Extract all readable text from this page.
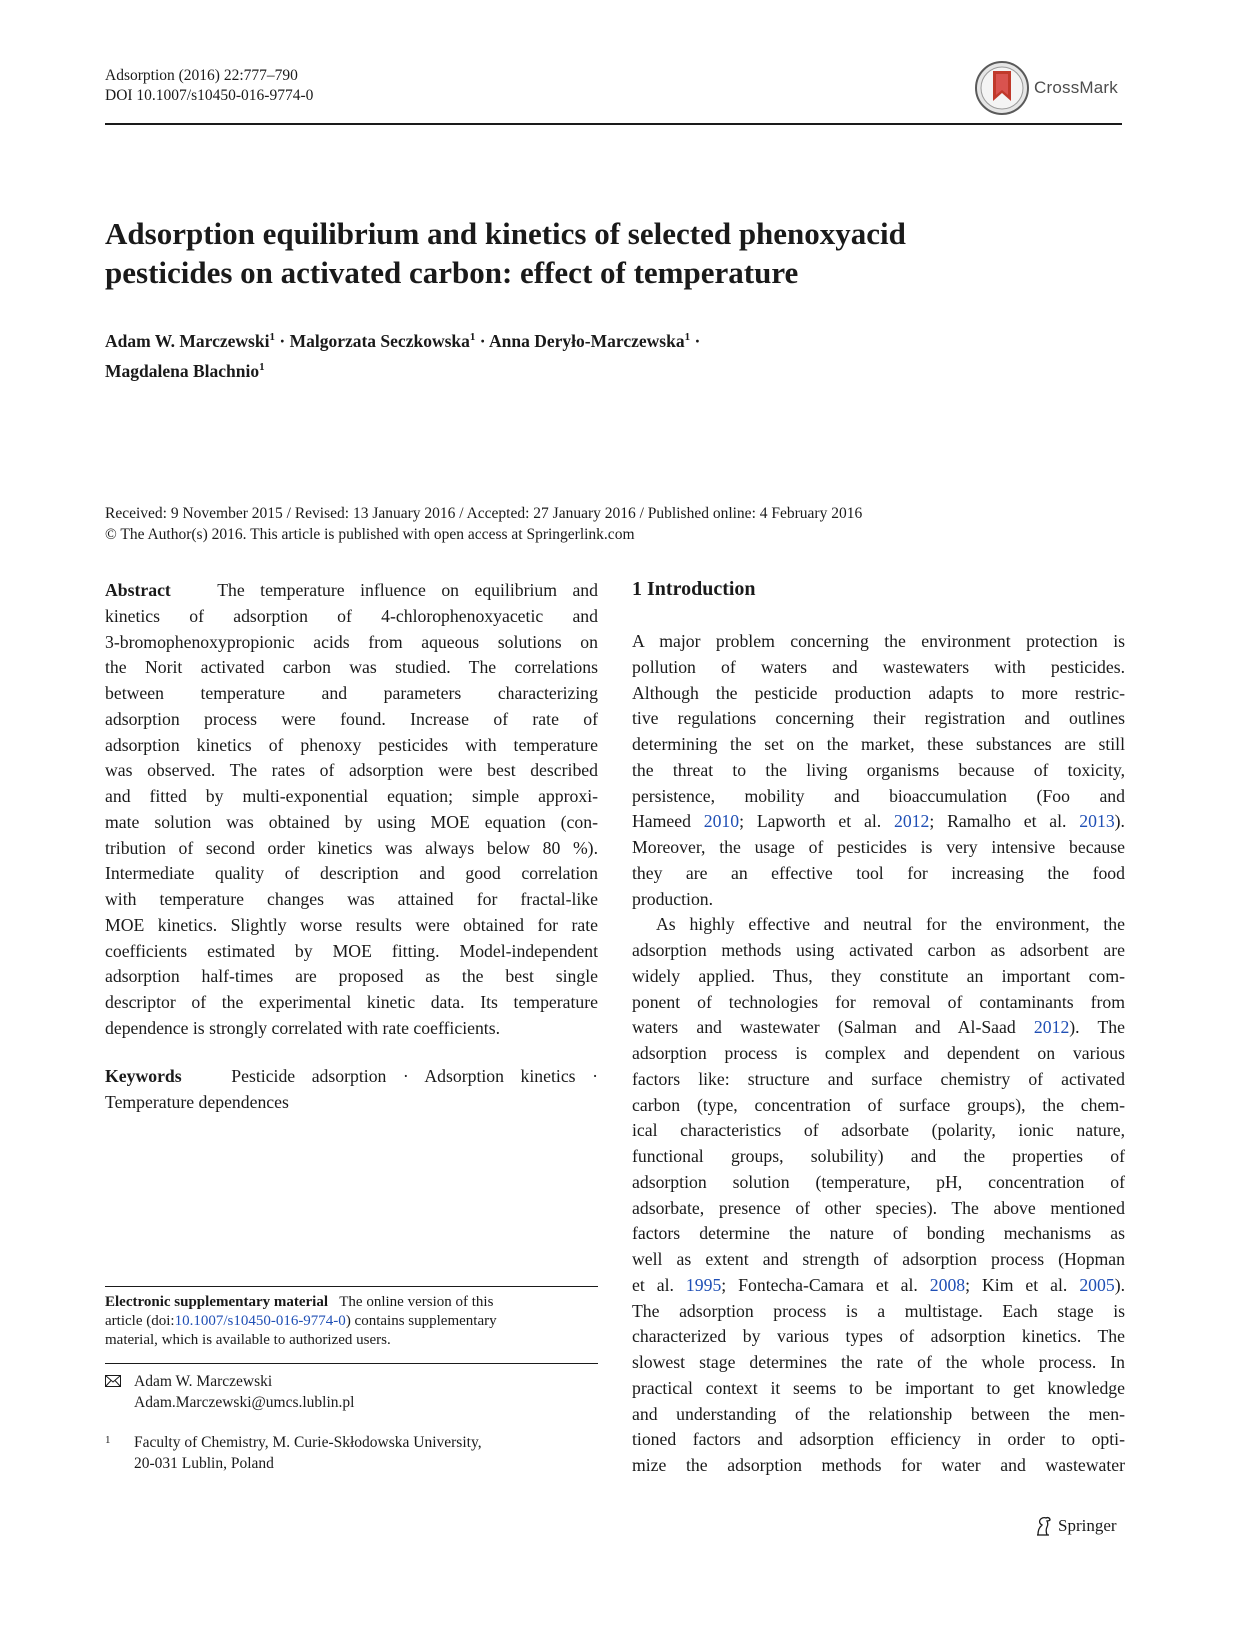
Adsorption (2016) 22:777–790
DOI 10.1007/s10450-016-9774-0	CrossMark
Adsorption equilibrium and kinetics of selected phenoxyacid
pesticides on activated carbon: effect of temperature
Adam W. Marczewski$^1$ · Malgorzata Seczkowska$^1$ · Anna Deryło-Marczewska$^1$ ·
Magdalena Blachnio$^1$
Received: 9 November 2015 / Revised: 13 January 2016 / Accepted: 27 January 2016 / Published online: 4 February 2016
© The Author(s) 2016. This article is published with open access at Springerlink.com

Abstract	The temperature influence on equilibrium and

kinetics of adsorption of 4-chlorophenoxyacetic and

3-bromophenoxypropionic acids from aqueous solutions on

the Norit activated carbon was studied. The correlations

between temperature and parameters characterizing

adsorption process were found. Increase of rate of

adsorption kinetics of phenoxy pesticides with temperature

was observed. The rates of adsorption were best described

and fitted by multi-exponential equation; simple approxi-

mate solution was obtained by using MOE equation (con-

tribution of second order kinetics was always below 80 %).

Intermediate quality of description and good correlation

with temperature changes was attained for fractal-like

MOE kinetics. Slightly worse results were obtained for rate

coefficients estimated by MOE fitting. Model-independent

adsorption half-times are proposed as the best single

descriptor of the experimental kinetic data. Its temperature

dependence is strongly correlated with rate coefficients.

Keywords	Pesticide adsorption · Adsorption kinetics ·

Temperature dependences

Electronic supplementary material The online version of this
article (doi:10.1007/s10450-016-9774-0) contains supplementary
material, which is available to authorized users.
Adam W. Marczewski
Adam.Marczewski@umcs.lublin.pl
1 Faculty of Chemistry, M. Curie-Skłodowska University,
20-031 Lublin, Poland
1 Introduction

A major problem concerning the environment protection is

pollution of waters and wastewaters with pesticides.

Although the pesticide production adapts to more restric-

tive regulations concerning their registration and outlines

determining the set on the market, these substances are still

the threat to the living organisms because of toxicity,

persistence, mobility and bioaccumulation (Foo and

Hameed 2010; Lapworth et al. 2012; Ramalho et al. 2013).

Moreover, the usage of pesticides is very intensive because

they are an effective tool for increasing the food

production.

As highly effective and neutral for the environment, the

adsorption methods using activated carbon as adsorbent are

widely applied. Thus, they constitute an important com-

ponent of technologies for removal of contaminants from

waters and wastewater (Salman and Al-Saad 2012). The

adsorption process is complex and dependent on various

factors like: structure and surface chemistry of activated

carbon (type, concentration of surface groups), the chem-

ical characteristics of adsorbate (polarity, ionic nature,

functional groups, solubility) and the properties of

adsorption solution (temperature, pH, concentration of

adsorbate, presence of other species). The above mentioned

factors determine the nature of bonding mechanisms as

well as extent and strength of adsorption process (Hopman

et al. 1995; Fontecha-Camara et al. 2008; Kim et al. 2005).

The adsorption process is a multistage. Each stage is

characterized by various types of adsorption kinetics. The

slowest stage determines the rate of the whole process. In

practical context it seems to be important to get knowledge

and understanding of the relationship between the men-

tioned factors and adsorption efficiency in order to opti-

mize the adsorption methods for water and wastewater

Springer
